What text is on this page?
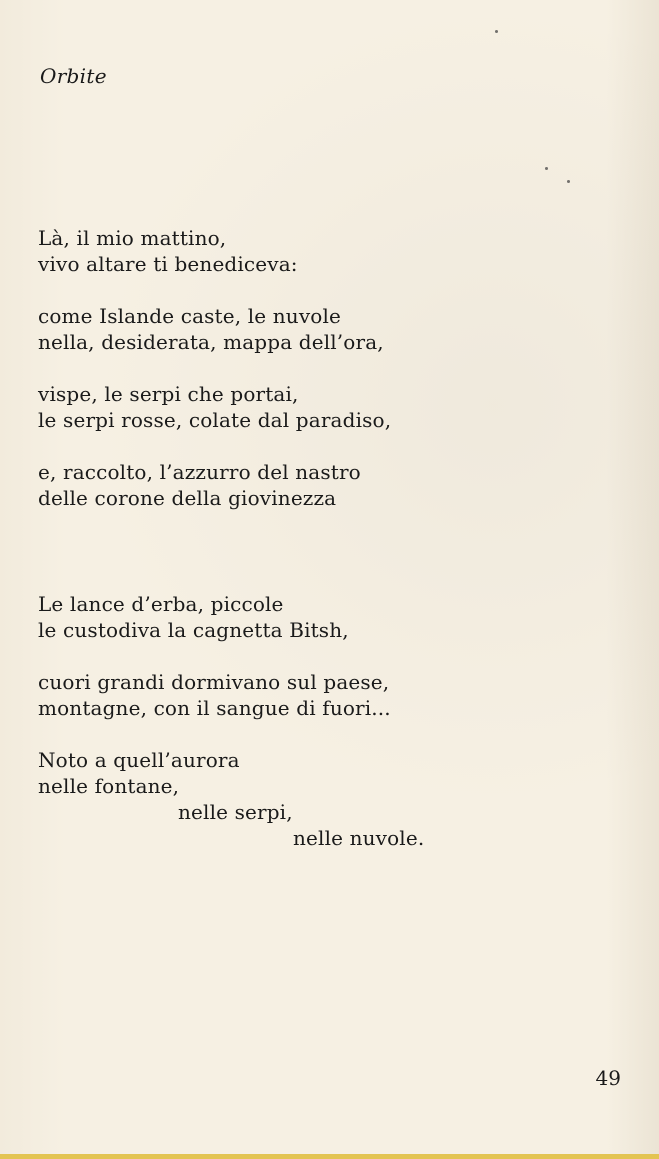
Orbite
Là, il mio mattino,
vivo altare ti benediceva:
come Islande caste, le nuvole
nella, desiderata, mappa dell’ora,
vispe, le serpi che portai,
le serpi rosse, colate dal paradiso,
e, raccolto, l’azzurro del nastro
delle corone della giovinezza
Le lance d’erba, piccole
le custodiva la cagnetta Bitsh,
cuori grandi dormivano sul paese,
montagne, con il sangue di fuori...
Noto a quell’aurora
nelle fontane,
nelle serpi,
nelle nuvole.
49
